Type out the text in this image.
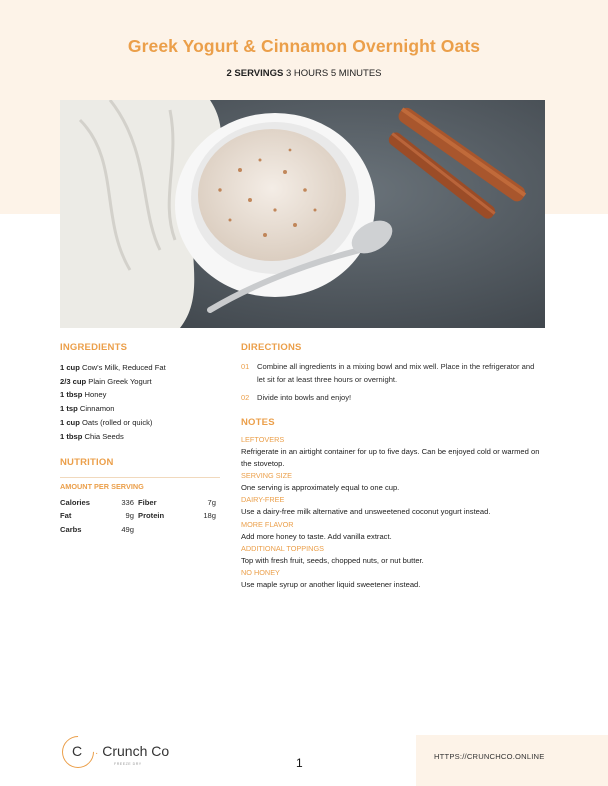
Greek Yogurt & Cinnamon Overnight Oats
2 SERVINGS 3 HOURS 5 MINUTES
INGREDIENTS
1 cup Cow's Milk, Reduced Fat
2/3 cup Plain Greek Yogurt
1 tbsp Honey
1 tsp Cinnamon
1 cup Oats (rolled or quick)
1 tbsp Chia Seeds
NUTRITION
AMOUNT PER SERVING
Calories	336	Fiber	7g
Fat	9g	Protein	18g
Carbs	49g		
DIRECTIONS
01 Combine all ingredients in a mixing bowl and mix well. Place in the refrigerator and let sit for at least three hours or overnight.
02 Divide into bowls and enjoy!
NOTES

LEFTOVERS

Refrigerate in an airtight container for up to five days. Can be enjoyed cold or warmed on the stovetop.

SERVING SIZE

One serving is approximately equal to one cup.

DAIRY-FREE

Use a dairy-free milk alternative and unsweetened coconut yogurt instead.

MORE FLAVOR

Add more honey to taste. Add vanilla extract.

ADDITIONAL TOPPINGS

Top with fresh fruit, seeds, chopped nuts, or nut butter.

NO HONEY

Use maple syrup or another liquid sweetener instead.

C · Crunch Co
FREEZE DRY	1	HTTPS://CRUNCHCO.ONLINE
